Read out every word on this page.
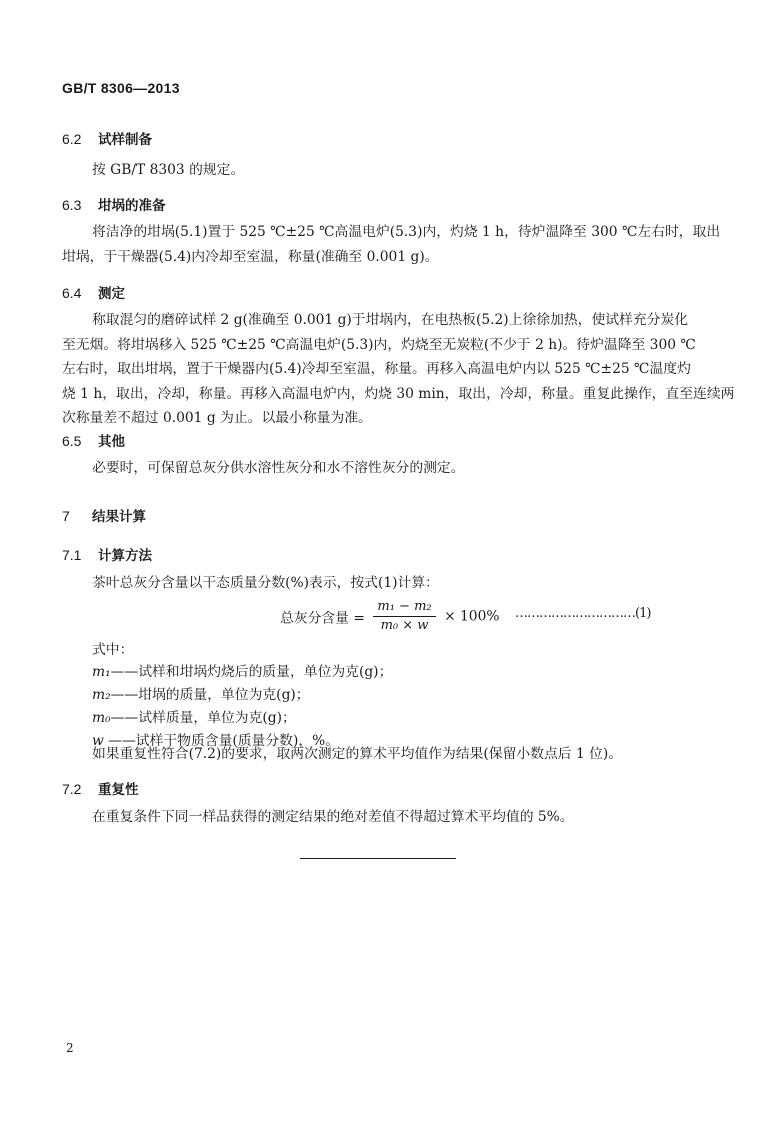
GB/T 8306—2013
6.2 试样制备
按 GB/T 8303 的规定。
6.3 坩埚的准备
将洁净的坩埚(5.1)置于 525 ℃±25 ℃高温电炉(5.3)内，灼烧 1 h，待炉温降至 300 ℃左右时，取出
坩埚，于干燥器(5.4)内冷却至室温，称量(准确至 0.001 g)。
6.4 测定
称取混匀的磨碎试样 2 g(准确至 0.001 g)于坩埚内，在电热板(5.2)上徐徐加热，使试样充分炭化
至无烟。将坩埚移入 525 ℃±25 ℃高温电炉(5.3)内，灼烧至无炭粒(不少于 2 h)。待炉温降至 300 ℃
左右时，取出坩埚，置于干燥器内(5.4)冷却至室温，称量。再移入高温电炉内以 525 ℃±25 ℃温度灼
烧 1 h，取出，冷却，称量。再移入高温电炉内，灼烧 30 min，取出，冷却，称量。重复此操作，直至连续两
次称量差不超过 0.001 g 为止。以最小称量为准。
6.5 其他
必要时，可保留总灰分供水溶性灰分和水不溶性灰分的测定。
7 结果计算
7.1 计算方法
茶叶总灰分含量以干态质量分数(%)表示，按式(1)计算：
总灰分含量 = $\frac{\text{m₁ − m₂}}{\text{m₀ × w}} \times 100\%$ …………………………(1)
式中：
m₁——试样和坩埚灼烧后的质量，单位为克(g)；
m₂——坩埚的质量，单位为克(g)；
m₀——试样质量，单位为克(g)；
w ——试样干物质含量(质量分数)，%。
如果重复性符合(7.2)的要求，取两次测定的算术平均值作为结果(保留小数点后 1 位)。
7.2 重复性
在重复条件下同一样品获得的测定结果的绝对差值不得超过算术平均值的 5%。
2
